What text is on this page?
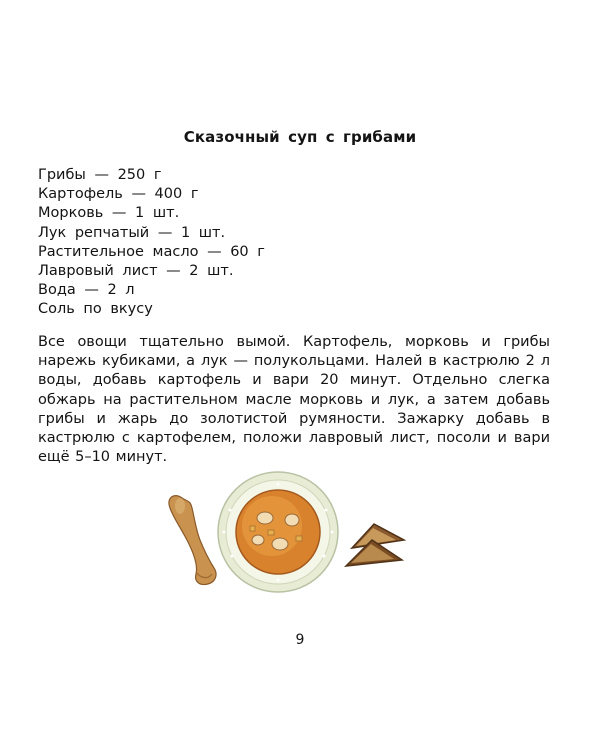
Сказочный суп с грибами
Грибы — 250 г
Картофель — 400 г
Морковь — 1 шт.
Лук репчатый — 1 шт.
Растительное масло — 60 г
Лавровый лист — 2 шт.
Вода — 2 л
Соль по вкусу

Все овощи тщательно вымой. Картофель, морковь и грибы нарежь кубиками, а лук — полукольцами. Налей в кастрюлю 2 л воды, добавь картофель и вари 20 минут. Отдельно слегка обжарь на растительном масле морковь и лук, а затем добавь грибы и жарь до золотистой румяности. Зажарку добавь в кастрюлю с картофелем, положи лавровый лист, посоли и вари ещё 5–10 минут.

9
